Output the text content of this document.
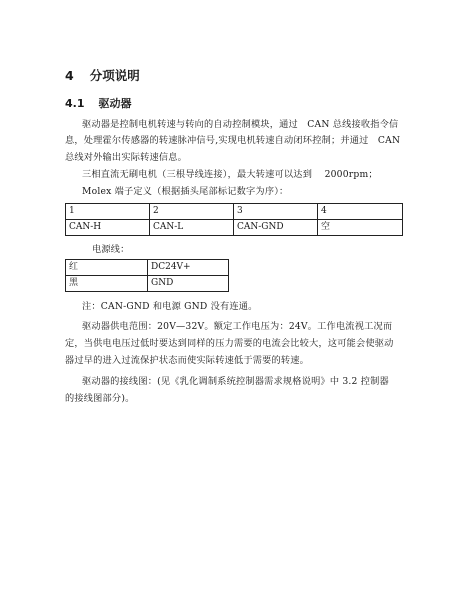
4 分项说明
4.1 驱动器
驱动器是控制电机转速与转向的自动控制模块，通过　CAN 总线接收指令信
息，处理霍尔传感器的转速脉冲信号,实现电机转速自动闭环控制；并通过　CAN
总线对外输出实际转速信息。
三相直流无刷电机（三根导线连接），最大转速可以达到　 2000rpm；
Molex 端子定义（根据插头尾部标记数字为序）：
1	2	3	4
CAN-H	CAN-L	CAN-GND	空
电源线：
红	DC24V+
黑	GND
注：CAN-GND 和电源 GND 没有连通。
驱动器供电范围：20V—32V。额定工作电压为：24V。工作电流视工况而
定，当供电电压过低时要达到同样的压力需要的电流会比较大，这可能会使驱动
器过早的进入过流保护状态而使实际转速低于需要的转速。
驱动器的接线图：(见《乳化调制系统控制器需求规格说明》中 3.2 控制器
的接线图部分)。
